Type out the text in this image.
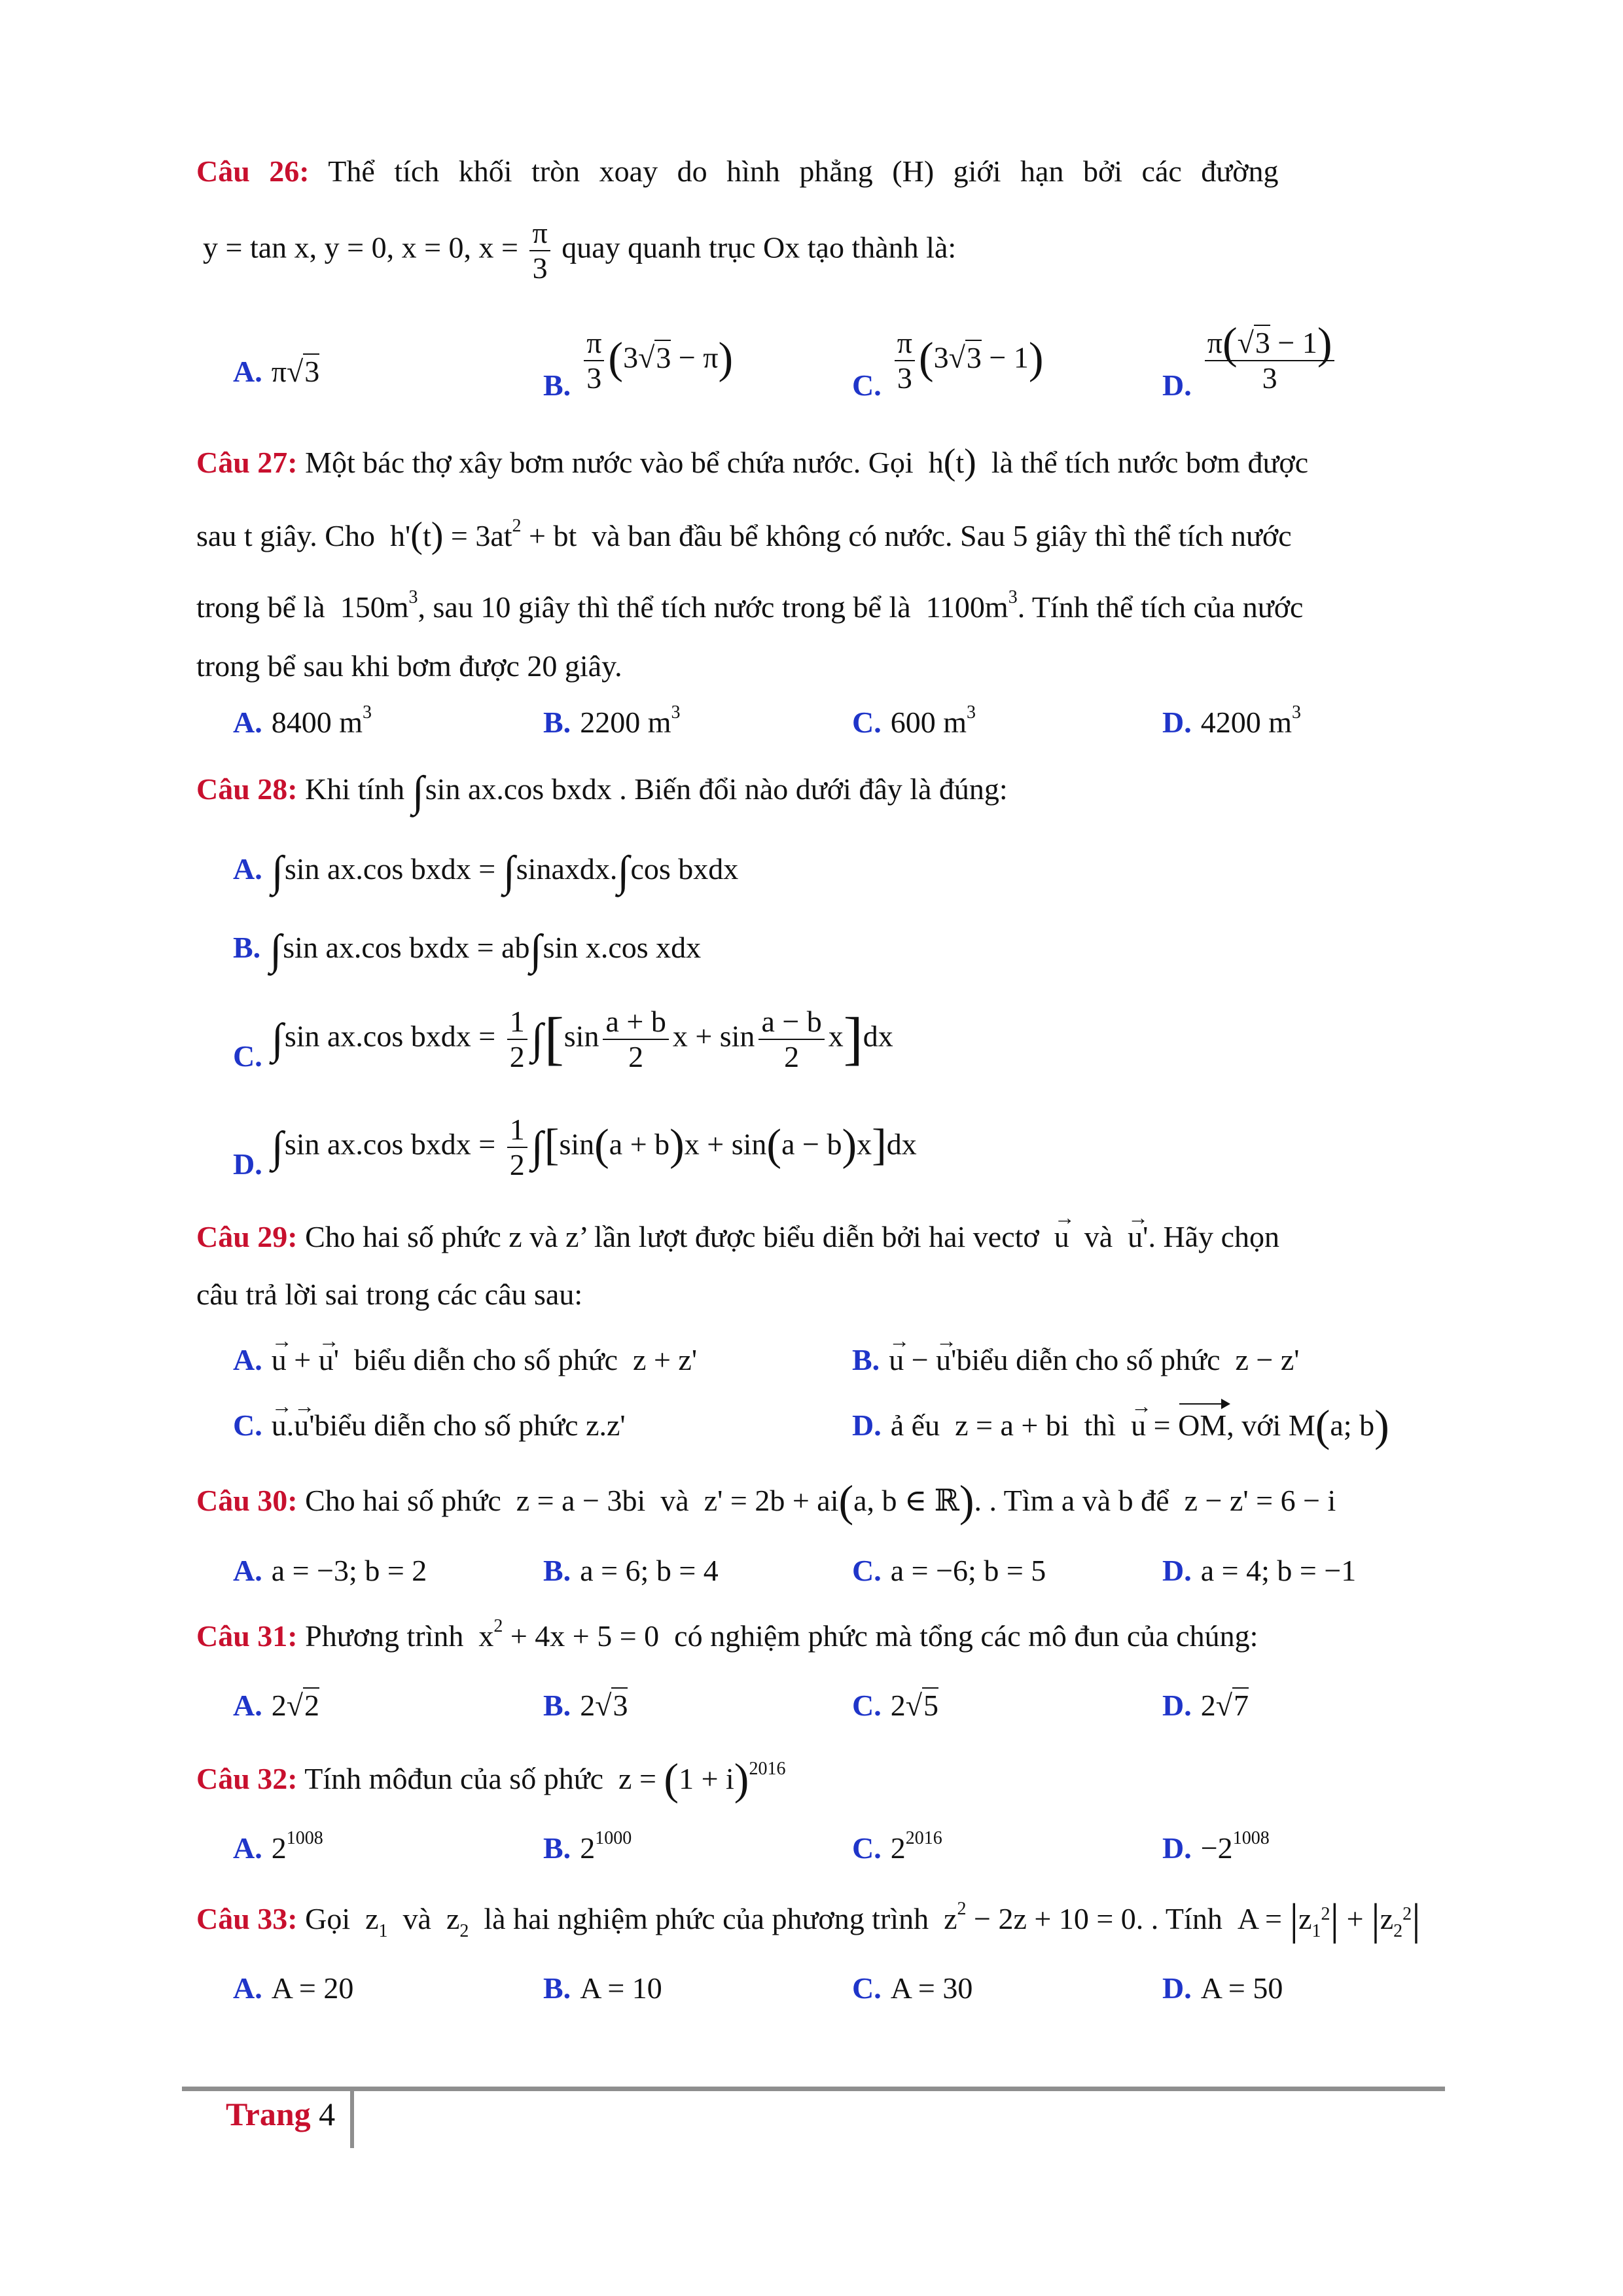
Câu 26: Thể tích khối tròn xoay do hình phẳng (H) giới hạn bởi các đường
y = tan x, y = 0, x = 0, $x = \frac{\pi}{3}$ quay quanh trục Ox tạo thành là:
A. π√3	B. $\frac{\pi}{3} (3√3 - \pi)$
C. $\frac{\pi}{3} (3√3 - 1)$
D. $\frac{\pi(√3 - 1)}{3}$
Câu 27: Một bác thợ xây bơm nước vào bể chứa nước. Gọi  h(t) là thể tích nước bơm được
sau t giây. Cho  $h'(t) = 3at^2$ + bt  và ban đầu bể không có nước. Sau 5 giây thì thể tích nước
trong bể là  $150m^3$, sau 10 giây thì thể tích nước trong bể là  $1100m^3$. Tính thể tích của nước
trong bể sau khi bơm được 20 giây.
A. 8400 $m^3$	B. 2200 $m^3$	C. 600 $m^3$	D. 4200 $m^3$
Câu 28: Khi tính ∫sin ax.cos bxdx . Biến đổi nào dưới đây là đúng:
A. ∫sin ax.cos bxdx = ∫sinaxdx.∫cos bxdx
B. ∫sin ax.cos bxdx = ab∫sin x.cos xdx
C. ∫sin ax.cos bxdx = $\frac{1}{2} \int[\sin \frac{a + b}{2}$ $x + \sin \frac{a - b}{2} x]dx$
D. ∫sin ax.cos bxdx = $\frac{1}{2} \int[\sin(a + b)x + \sin(a - b)x]dx$
Câu 29: Cho hai số phức z và z’ lần lượt được biểu diễn bởi hai vectơ → u và → u'. Hãy chọn
câu trả lời sai trong các câu sau:
A. → u + → u'  biểu diễn cho số phức  z + z'	B. → u − → u'biểu diễn cho số phức  z − z'
C. → u.→ u'biểu diễn cho số phức z.z'	D. ả ếu  z = a + bi  thì → u = OM, với M(a; b)
Câu 30: Cho hai số phức  z = a − 3bi  và  z' = 2b + ai(a, b ∈ ℝ). . Tìm a và b để  z − z' = 6 − i
A. a = −3; b = 2	B. a = 6; b = 4	C. a = −6; b = 5	D. a = 4; b = −1
Câu 31: Phương trình  $x^2 + 4x + 5 = 0$  có nghiệm phức mà tổng các mô đun của chúng:
A. 2√2	B. 2√3	C. 2√5	D. 2√7
Câu 32: Tính môđun của số phức  $z = (1 + i)^{2016}$
A. $2^{1008}$	B. $2^{1000}$	C. $2^{2016}$	D. $-2^{1008}$
Câu 33: Gọi  $z_1$ và  $z_2$ là hai nghiệm phức của phương trình  $z^2 - 2z + 10 = 0$. . Tính  $A = |z_1^2| + |z_2^2|$
A. A = 20	B. A = 10	C. A = 30	D. A = 50
Trang 4
